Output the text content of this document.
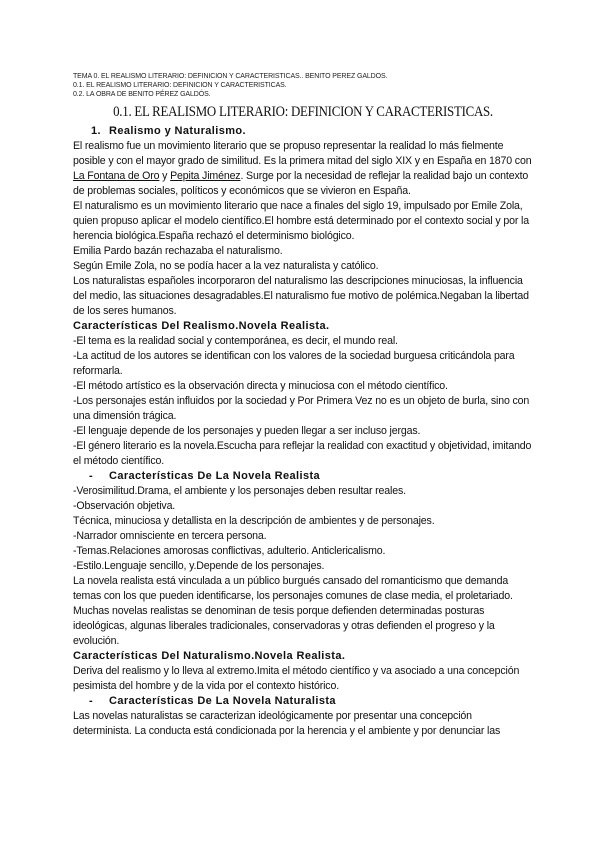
TEMA 0. EL REALISMO LITERARIO: DEFINICION Y CARACTERISTICAS.. BENITO PEREZ GALDOS.
0.1. EL REALISMO LITERARIO: DEFINICION Y CARACTERISTICAS.
0.2. LA OBRA DE BENITO PÉREZ GALDÓS.
0.1. EL REALISMO LITERARIO: DEFINICION Y CARACTERISTICAS.
1. Realismo y Naturalismo.

El realismo fue un movimiento literario que se propuso representar la realidad lo más fielmente posible y con el mayor grado de similitud. Es la primera mitad del siglo XIX y en España en 1870 con La Fontana de Oro y Pepita Jiménez. Surge por la necesidad de reflejar la realidad bajo un contexto de problemas sociales, políticos y económicos que se vivieron en España.

El naturalismo es un movimiento literario que nace a finales del siglo 19, impulsado por Emile Zola, quien propuso aplicar el modelo científico.El hombre está determinado por el contexto social y por la herencia biológica.España rechazó el determinismo biológico.

Emilia Pardo bazán rechazaba el naturalismo.

Según Emile Zola, no se podía hacer a la vez naturalista y católico.

Los naturalistas españoles incorporaron del naturalismo las descripciones minuciosas, la influencia del medio, las situaciones desagradables.El naturalismo fue motivo de polémica.Negaban la libertad de los seres humanos.

Características Del Realismo.Novela Realista.

-El tema es la realidad social y contemporánea, es decir, el mundo real.

-La actitud de los autores se identifican con los valores de la sociedad burguesa criticándola para reformarla.

-El método artístico es la observación directa y minuciosa con el método científico.

-Los personajes están influidos por la sociedad y Por Primera Vez no es un objeto de burla, sino con una dimensión trágica.

-El lenguaje depende de los personajes y pueden llegar a ser incluso jergas.

-El género literario es la novela.Escucha para reflejar la realidad con exactitud y objetividad, imitando el método científico.

- Características De La Novela Realista

-Verosimilitud.Drama, el ambiente y los personajes deben resultar reales.

-Observación objetiva.

Técnica, minuciosa y detallista en la descripción de ambientes y de personajes.

-Narrador omnisciente en tercera persona.

-Temas.Relaciones amorosas conflictivas, adulterio. Anticlericalismo.

-Estilo.Lenguaje sencillo, y.Depende de los personajes.

La novela realista está vinculada a un público burgués cansado del romanticismo que demanda temas con los que pueden identificarse, los personajes comunes de clase media, el proletariado. Muchas novelas realistas se denominan de tesis porque defienden determinadas posturas ideológicas, algunas liberales tradicionales, conservadoras y otras defienden el progreso y la evolución.

Características Del Naturalismo.Novela Realista.

Deriva del realismo y lo lleva al extremo.Imita el método científico y va asociado a una concepción pesimista del hombre y de la vida por el contexto histórico.

- Características De La Novela Naturalista

Las novelas naturalistas se caracterizan ideológicamente por presentar una concepción determinista. La conducta está condicionada por la herencia y el ambiente y por denunciar las
